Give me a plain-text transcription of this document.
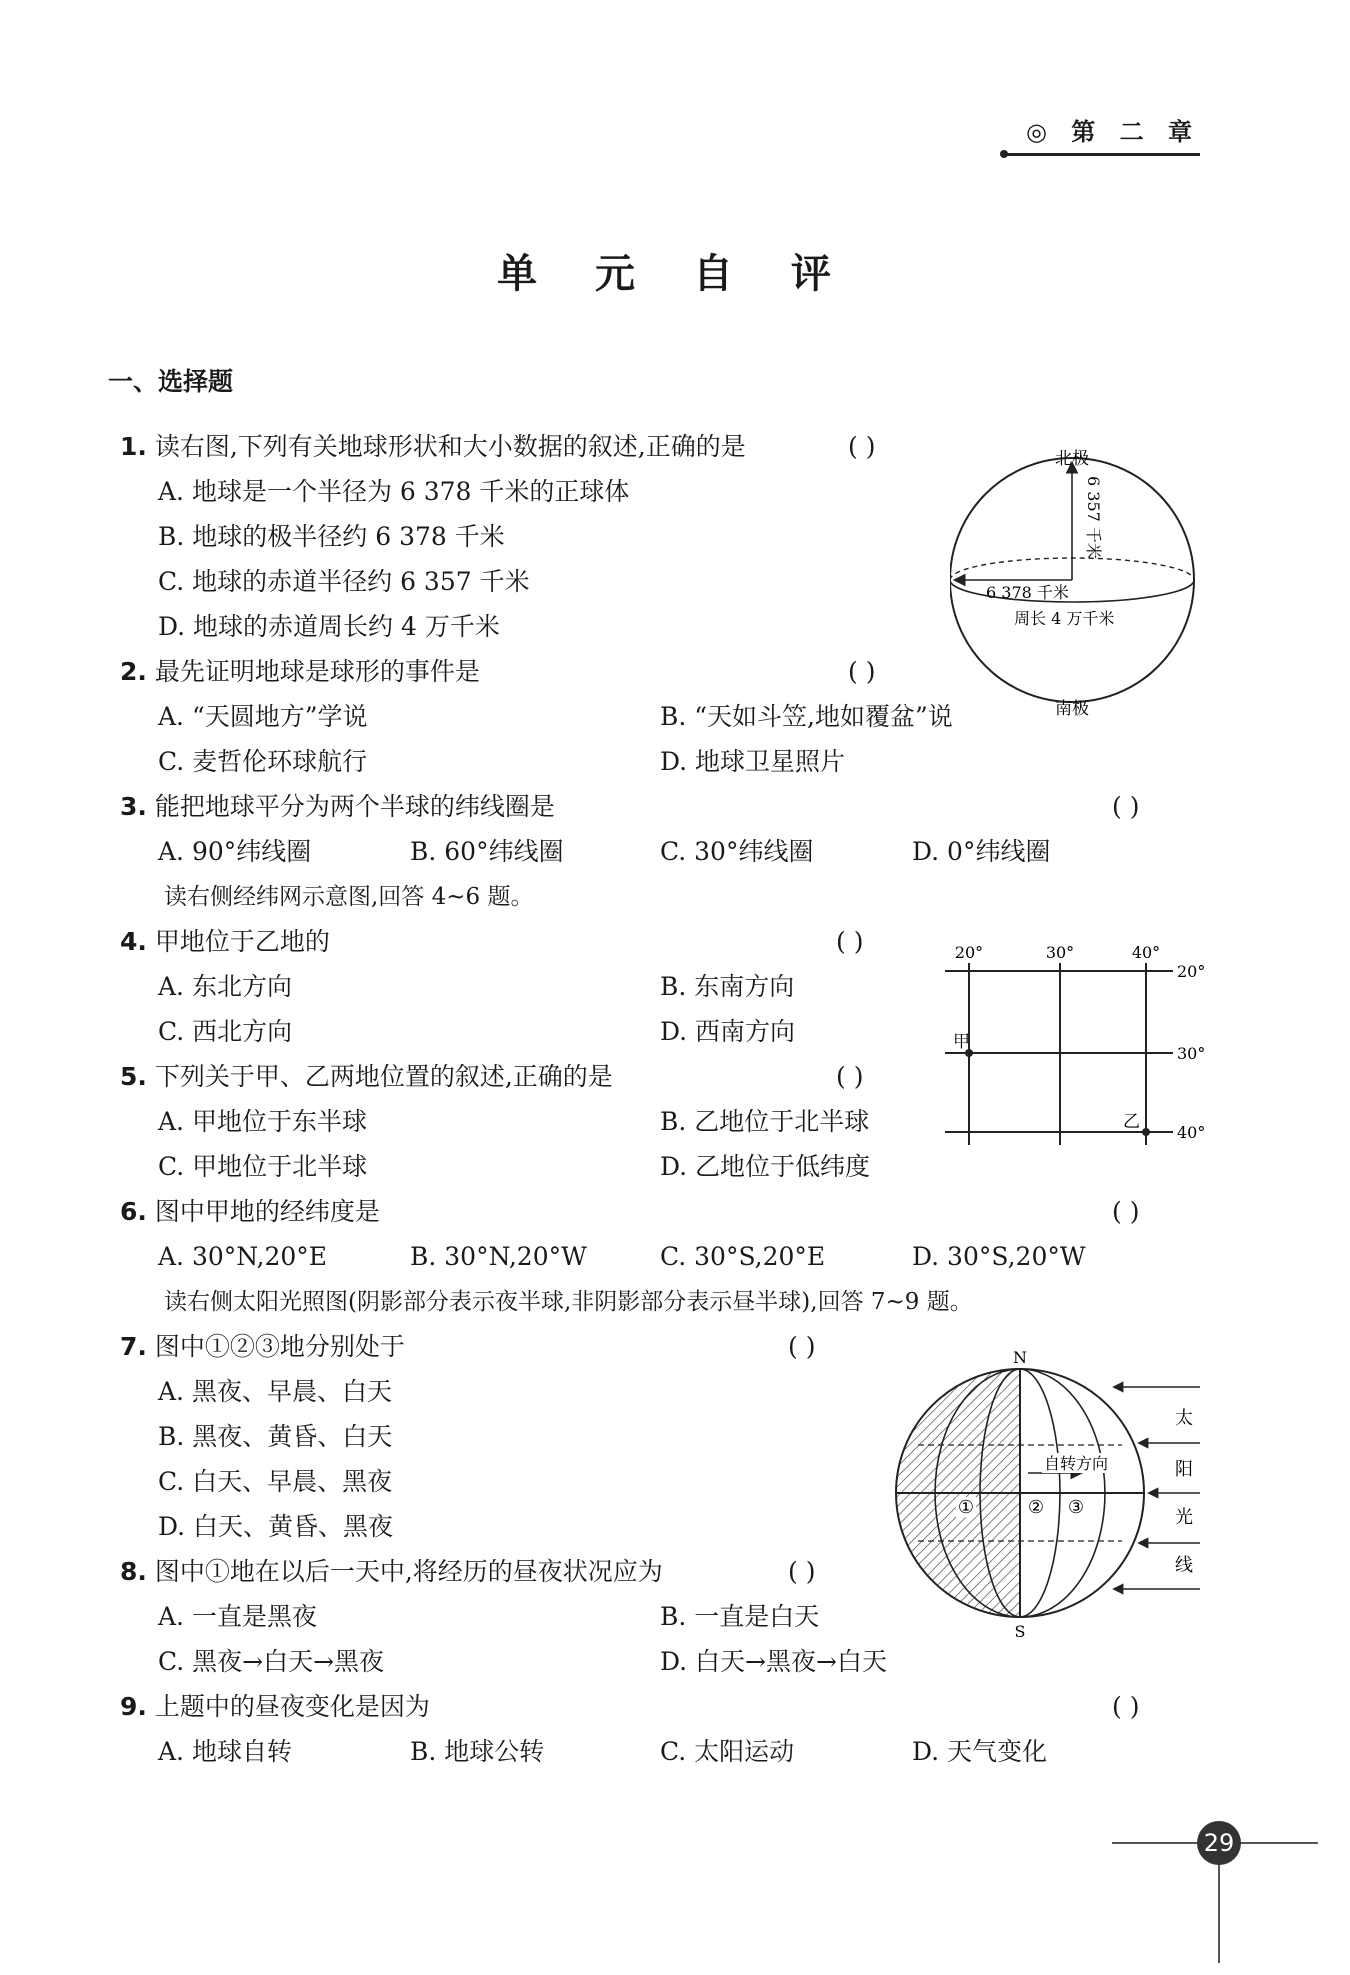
◎ 第 二 章
单 元 自 评
一、选择题
1. 读右图,下列有关地球形状和大小数据的叙述,正确的是	( )
A. 地球是一个半径为 6 378 千米的正球体
B. 地球的极半径约 6 378 千米
C. 地球的赤道半径约 6 357 千米
D. 地球的赤道周长约 4 万千米
2. 最先证明地球是球形的事件是	( )
A. “天圆地方”学说	B. “天如斗笠,地如覆盆”说
C. 麦哲伦环球航行	D. 地球卫星照片
3. 能把地球平分为两个半球的纬线圈是	( )
A. 90°纬线圈	B. 60°纬线圈	C. 30°纬线圈	D. 0°纬线圈
读右侧经纬网示意图,回答 4~6 题。
4. 甲地位于乙地的	( )
A. 东北方向	B. 东南方向
C. 西北方向	D. 西南方向
5. 下列关于甲、乙两地位置的叙述,正确的是	( )
A. 甲地位于东半球	B. 乙地位于北半球
C. 甲地位于北半球	D. 乙地位于低纬度
6. 图中甲地的经纬度是	( )
A. 30°N,20°E	B. 30°N,20°W	C. 30°S,20°E	D. 30°S,20°W
读右侧太阳光照图(阴影部分表示夜半球,非阴影部分表示昼半球),回答 7~9 题。
7. 图中①②③地分别处于	( )
A. 黑夜、早晨、白天
B. 黑夜、黄昏、白天
C. 白天、早晨、黑夜
D. 白天、黄昏、黑夜
8. 图中①地在以后一天中,将经历的昼夜状况应为	( )
A. 一直是黑夜	B. 一直是白天
C. 黑夜→白天→黑夜	D. 白天→黑夜→白天
9. 上题中的昼夜变化是因为	( )
A. 地球自转	B. 地球公转	C. 太阳运动	D. 天气变化
北极
南极
6 357 千米
6 378 千米
周长 4 万千米
20°	30°	40°
20°
30°
40°
甲
乙
自转方向
N
S
①	② ③
太
阳
光
线
29
